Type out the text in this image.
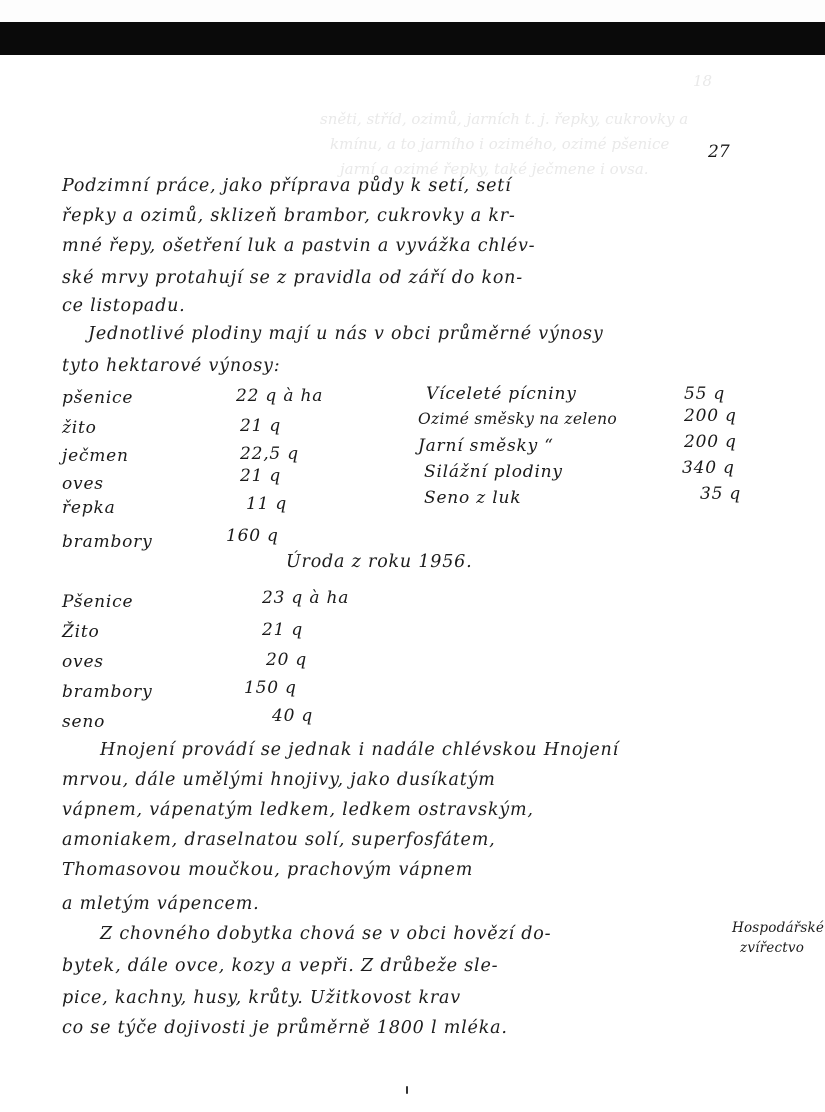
18
sněti, stříd, ozimů, jarních t. j. řepky, cukrovky a
kmínu, a to jarního i ozimého, ozimé pšenice
jarní a ozimé řepky, také ječmene i ovsa.
27
Podzimní práce, jako příprava půdy k setí, setí
řepky a ozimů, sklizeň brambor, cukrovky a kr-
mné řepy, ošetření luk a pastvin a vyvážka chlév-
ské mrvy protahují se z pravidla od září do kon-
ce listopadu.
Jednotlivé plodiny mají u nás v obci průměrné výnosy
tyto hektarové výnosy:
pšenice	22 q à ha
žito	21 q
ječmen	22,5 q
oves	21 q
řepka	11 q
brambory	160 q
Víceleté pícniny	55 q
Ozimé směsky na zeleno	200 q
Jarní směsky “	200 q
Silážní plodiny	340 q
Seno z luk	35 q
Úroda z roku 1956.
Pšenice	23 q à ha
Žito	21 q
oves	20 q
brambory	150 q
seno	40 q
Hnojení provádí se jednak i nadále chlévskou Hnojení
mrvou, dále umělými hnojivy, jako dusíkatým
vápnem, vápenatým ledkem, ledkem ostravským,
amoniakem, draselnatou solí, superfosfátem,
Thomasovou moučkou, prachovým vápnem
a mletým vápencem.
Z chovného dobytka chová se v obci hovězí do-
bytek, dále ovce, kozy a vepři. Z drůbeže sle-
pice, kachny, husy, krůty. Užitkovost krav
co se týče dojivosti je průměrně 1800 l mléka.
Hospodářské
zvířectvo
